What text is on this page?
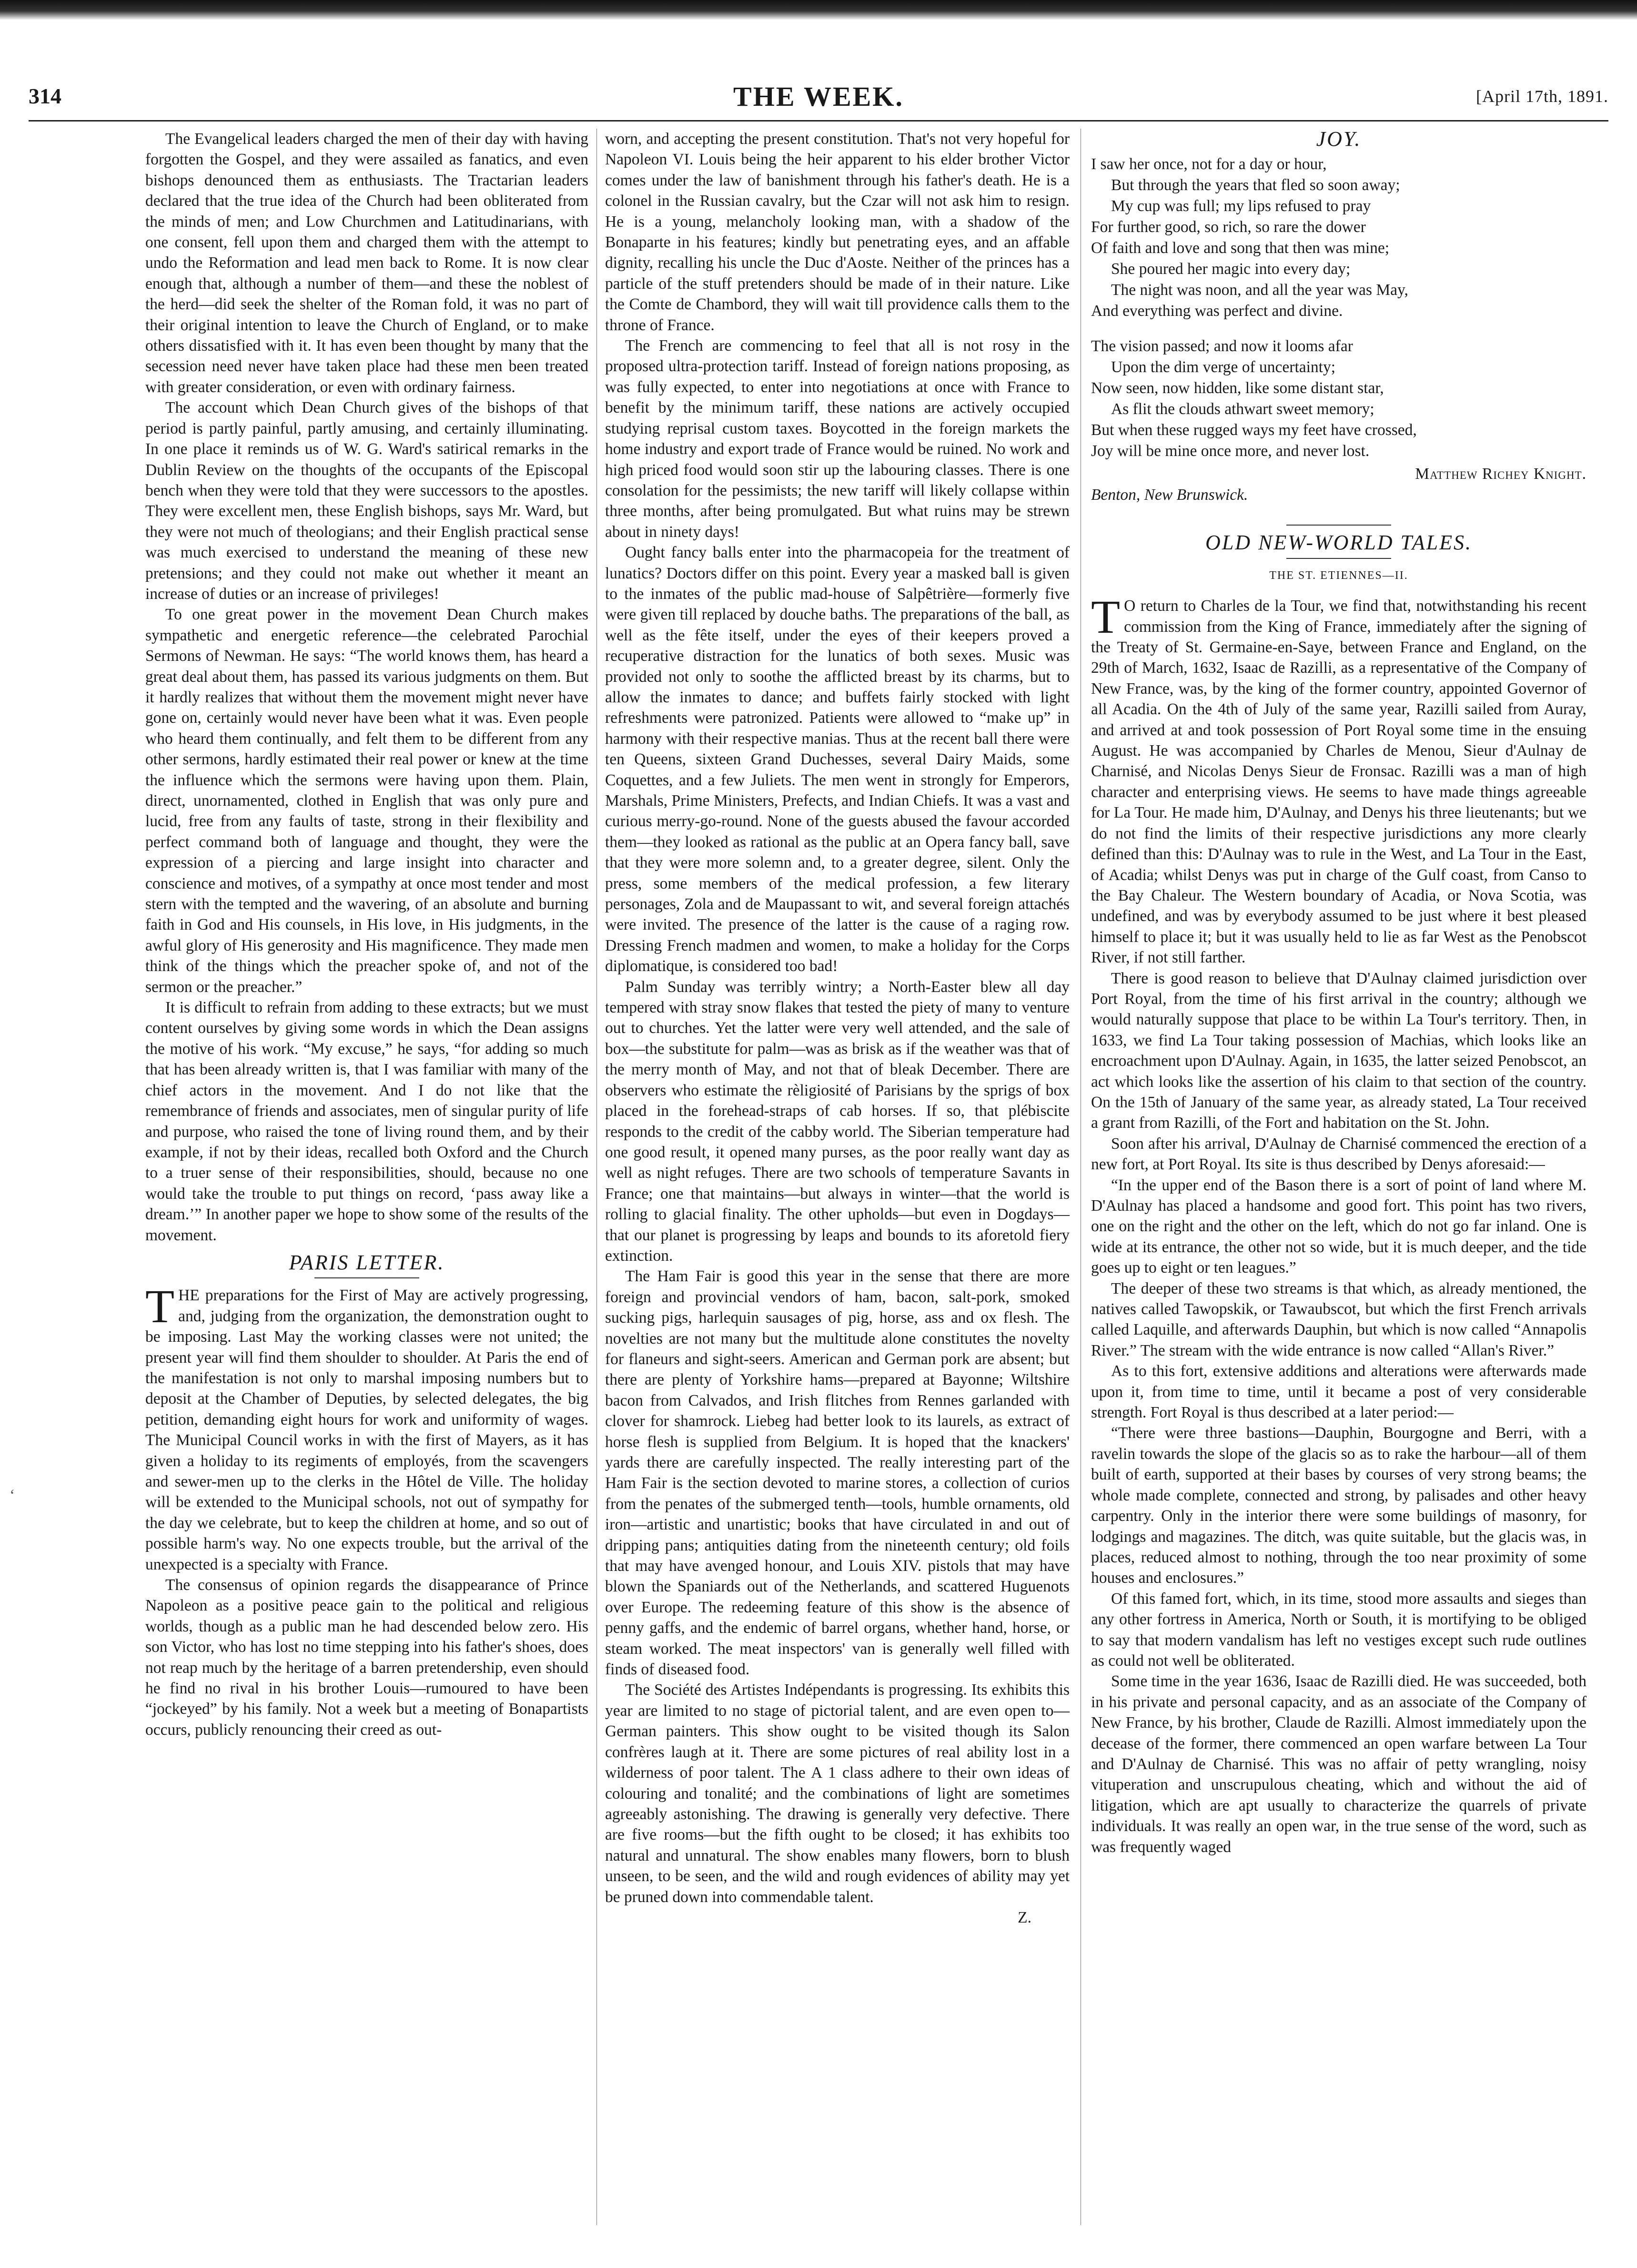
314	THE WEEK.	[April 17th, 1891.
‘

The Evangelical leaders charged the men of their day with having forgotten the Gospel, and they were assailed as fanatics, and even bishops denounced them as enthusiasts. The Tractarian leaders declared that the true idea of the Church had been obliterated from the minds of men; and Low Churchmen and Latitudinarians, with one consent, fell upon them and charged them with the attempt to undo the Reformation and lead men back to Rome. It is now clear enough that, although a number of them—and these the noblest of the herd—did seek the shelter of the Roman fold, it was no part of their original intention to leave the Church of England, or to make others dissatisfied with it. It has even been thought by many that the secession need never have taken place had these men been treated with greater consideration, or even with ordinary fairness.

The account which Dean Church gives of the bishops of that period is partly painful, partly amusing, and certainly illuminating. In one place it reminds us of W. G. Ward's satirical remarks in the Dublin Review on the thoughts of the occupants of the Episcopal bench when they were told that they were successors to the apostles. They were excellent men, these English bishops, says Mr. Ward, but they were not much of theologians; and their English practical sense was much exercised to understand the meaning of these new pretensions; and they could not make out whether it meant an increase of duties or an increase of privileges!

To one great power in the movement Dean Church makes sympathetic and energetic reference—the celebrated Parochial Sermons of Newman. He says: “The world knows them, has heard a great deal about them, has passed its various judgments on them. But it hardly realizes that without them the movement might never have gone on, certainly would never have been what it was. Even people who heard them continually, and felt them to be different from any other sermons, hardly estimated their real power or knew at the time the influence which the sermons were having upon them. Plain, direct, unornamented, clothed in English that was only pure and lucid, free from any faults of taste, strong in their flexibility and perfect command both of language and thought, they were the expression of a piercing and large insight into character and conscience and motives, of a sympathy at once most tender and most stern with the tempted and the wavering, of an absolute and burning faith in God and His counsels, in His love, in His judgments, in the awful glory of His generosity and His magnificence. They made men think of the things which the preacher spoke of, and not of the sermon or the preacher.”

It is difficult to refrain from adding to these extracts; but we must content ourselves by giving some words in which the Dean assigns the motive of his work. “My excuse,” he says, “for adding so much that has been already written is, that I was familiar with many of the chief actors in the movement. And I do not like that the remembrance of friends and associates, men of singular purity of life and purpose, who raised the tone of living round them, and by their example, if not by their ideas, recalled both Oxford and the Church to a truer sense of their responsibilities, should, because no one would take the trouble to put things on record, ‘pass away like a dream.’” In another paper we hope to show some of the results of the movement.

PARIS LETTER.

THE preparations for the First of May are actively progressing, and, judging from the organization, the demonstration ought to be imposing. Last May the working classes were not united; the present year will find them shoulder to shoulder. At Paris the end of the manifestation is not only to marshal imposing numbers but to deposit at the Chamber of Deputies, by selected delegates, the big petition, demanding eight hours for work and uniformity of wages. The Municipal Council works in with the first of Mayers, as it has given a holiday to its regiments of employés, from the scavengers and sewer-men up to the clerks in the Hôtel de Ville. The holiday will be extended to the Municipal schools, not out of sympathy for the day we celebrate, but to keep the children at home, and so out of possible harm's way. No one expects trouble, but the arrival of the unexpected is a specialty with France.

The consensus of opinion regards the disappearance of Prince Napoleon as a positive peace gain to the political and religious worlds, though as a public man he had descended below zero. His son Victor, who has lost no time stepping into his father's shoes, does not reap much by the heritage of a barren pretendership, even should he find no rival in his brother Louis—rumoured to have been “jockeyed” by his family. Not a week but a meeting of Bonapartists occurs, publicly renouncing their creed as out-

worn, and accepting the present constitution. That's not very hopeful for Napoleon VI. Louis being the heir apparent to his elder brother Victor comes under the law of banishment through his father's death. He is a colonel in the Russian cavalry, but the Czar will not ask him to resign. He is a young, melancholy looking man, with a shadow of the Bonaparte in his features; kindly but penetrating eyes, and an affable dignity, recalling his uncle the Duc d'Aoste. Neither of the princes has a particle of the stuff pretenders should be made of in their nature. Like the Comte de Chambord, they will wait till providence calls them to the throne of France.

The French are commencing to feel that all is not rosy in the proposed ultra-protection tariff. Instead of foreign nations proposing, as was fully expected, to enter into negotiations at once with France to benefit by the minimum tariff, these nations are actively occupied studying reprisal custom taxes. Boycotted in the foreign markets the home industry and export trade of France would be ruined. No work and high priced food would soon stir up the labouring classes. There is one consolation for the pessimists; the new tariff will likely collapse within three months, after being promulgated. But what ruins may be strewn about in ninety days!

Ought fancy balls enter into the pharmacopeia for the treatment of lunatics? Doctors differ on this point. Every year a masked ball is given to the inmates of the public mad-house of Salpêtrière—formerly five were given till replaced by douche baths. The preparations of the ball, as well as the fête itself, under the eyes of their keepers proved a recuperative distraction for the lunatics of both sexes. Music was provided not only to soothe the afflicted breast by its charms, but to allow the inmates to dance; and buffets fairly stocked with light refreshments were patronized. Patients were allowed to “make up” in harmony with their respective manias. Thus at the recent ball there were ten Queens, sixteen Grand Duchesses, several Dairy Maids, some Coquettes, and a few Juliets. The men went in strongly for Emperors, Marshals, Prime Ministers, Prefects, and Indian Chiefs. It was a vast and curious merry-go-round. None of the guests abused the favour accorded them—they looked as rational as the public at an Opera fancy ball, save that they were more solemn and, to a greater degree, silent. Only the press, some members of the medical profession, a few literary personages, Zola and de Maupassant to wit, and several foreign attachés were invited. The presence of the latter is the cause of a raging row. Dressing French madmen and women, to make a holiday for the Corps diplomatique, is considered too bad!

Palm Sunday was terribly wintry; a North-Easter blew all day tempered with stray snow flakes that tested the piety of many to venture out to churches. Yet the latter were very well attended, and the sale of box—the substitute for palm—was as brisk as if the weather was that of the merry month of May, and not that of bleak December. There are observers who estimate the rèligiosité of Parisians by the sprigs of box placed in the forehead-straps of cab horses. If so, that plébiscite responds to the credit of the cabby world. The Siberian temperature had one good result, it opened many purses, as the poor really want day as well as night refuges. There are two schools of temperature Savants in France; one that maintains—but always in winter—that the world is rolling to glacial finality. The other upholds—but even in Dogdays—that our planet is progressing by leaps and bounds to its aforetold fiery extinction.

The Ham Fair is good this year in the sense that there are more foreign and provincial vendors of ham, bacon, salt-pork, smoked sucking pigs, harlequin sausages of pig, horse, ass and ox flesh. The novelties are not many but the multitude alone constitutes the novelty for flaneurs and sight-seers. American and German pork are absent; but there are plenty of Yorkshire hams—prepared at Bayonne; Wiltshire bacon from Calvados, and Irish flitches from Rennes garlanded with clover for shamrock. Liebeg had better look to its laurels, as extract of horse flesh is supplied from Belgium. It is hoped that the knackers' yards there are carefully inspected. The really interesting part of the Ham Fair is the section devoted to marine stores, a collection of curios from the penates of the submerged tenth—tools, humble ornaments, old iron—artistic and unartistic; books that have circulated in and out of dripping pans; antiquities dating from the nineteenth century; old foils that may have avenged honour, and Louis XIV. pistols that may have blown the Spaniards out of the Netherlands, and scattered Huguenots over Europe. The redeeming feature of this show is the absence of penny gaffs, and the endemic of barrel organs, whether hand, horse, or steam worked. The meat inspectors' van is generally well filled with finds of diseased food.

The Société des Artistes Indépendants is progressing. Its exhibits this year are limited to no stage of pictorial talent, and are even open to—German painters. This show ought to be visited though its Salon confrères laugh at it. There are some pictures of real ability lost in a wilderness of poor talent. The A 1 class adhere to their own ideas of colouring and tonalité; and the combinations of light are sometimes agreeably astonishing. The drawing is generally very defective. There are five rooms—but the fifth ought to be closed; it has exhibits too natural and unnatural. The show enables many flowers, born to blush unseen, to be seen, and the wild and rough evidences of ability may yet be pruned down into commendable talent.

Z.
JOY.
I saw her once, not for a day or hour,
But through the years that fled so soon away;
My cup was full; my lips refused to pray
For further good, so rich, so rare the dower
Of faith and love and song that then was mine;
She poured her magic into every day;
The night was noon, and all the year was May,
And everything was perfect and divine.
The vision passed; and now it looms afar
Upon the dim verge of uncertainty;
Now seen, now hidden, like some distant star,
As flit the clouds athwart sweet memory;
But when these rugged ways my feet have crossed,
Joy will be mine once more, and never lost.
Matthew Richey Knight.
Benton, New Brunswick.
OLD NEW-WORLD TALES.
THE ST. ETIENNES—II.

T O return to Charles de la Tour, we find that, notwithstanding his recent commission from the King of France, immediately after the signing of the Treaty of St. Germaine-en-Saye, between France and England, on the 29th of March, 1632, Isaac de Razilli, as a representative of the Company of New France, was, by the king of the former country, appointed Governor of all Acadia. On the 4th of July of the same year, Razilli sailed from Auray, and arrived at and took possession of Port Royal some time in the ensuing August. He was accompanied by Charles de Menou, Sieur d'Aulnay de Charnisé, and Nicolas Denys Sieur de Fronsac. Razilli was a man of high character and enterprising views. He seems to have made things agreeable for La Tour. He made him, D'Aulnay, and Denys his three lieutenants; but we do not find the limits of their respective jurisdictions any more clearly defined than this: D'Aulnay was to rule in the West, and La Tour in the East, of Acadia; whilst Denys was put in charge of the Gulf coast, from Canso to the Bay Chaleur. The Western boundary of Acadia, or Nova Scotia, was undefined, and was by everybody assumed to be just where it best pleased himself to place it; but it was usually held to lie as far West as the Penobscot River, if not still farther.

There is good reason to believe that D'Aulnay claimed jurisdiction over Port Royal, from the time of his first arrival in the country; although we would naturally suppose that place to be within La Tour's territory. Then, in 1633, we find La Tour taking possession of Machias, which looks like an encroachment upon D'Aulnay. Again, in 1635, the latter seized Penobscot, an act which looks like the assertion of his claim to that section of the country. On the 15th of January of the same year, as already stated, La Tour received a grant from Razilli, of the Fort and habitation on the St. John.

Soon after his arrival, D'Aulnay de Charnisé commenced the erection of a new fort, at Port Royal. Its site is thus described by Denys aforesaid:—

“In the upper end of the Bason there is a sort of point of land where M. D'Aulnay has placed a handsome and good fort. This point has two rivers, one on the right and the other on the left, which do not go far inland. One is wide at its entrance, the other not so wide, but it is much deeper, and the tide goes up to eight or ten leagues.”

The deeper of these two streams is that which, as already mentioned, the natives called Tawopskik, or Tawaubscot, but which the first French arrivals called Laquille, and afterwards Dauphin, but which is now called “Annapolis River.” The stream with the wide entrance is now called “Allan's River.”

As to this fort, extensive additions and alterations were afterwards made upon it, from time to time, until it became a post of very considerable strength. Fort Royal is thus described at a later period:—

“There were three bastions—Dauphin, Bourgogne and Berri, with a ravelin towards the slope of the glacis so as to rake the harbour—all of them built of earth, supported at their bases by courses of very strong beams; the whole made complete, connected and strong, by palisades and other heavy carpentry. Only in the interior there were some buildings of masonry, for lodgings and magazines. The ditch, was quite suitable, but the glacis was, in places, reduced almost to nothing, through the too near proximity of some houses and enclosures.”

Of this famed fort, which, in its time, stood more assaults and sieges than any other fortress in America, North or South, it is mortifying to be obliged to say that modern vandalism has left no vestiges except such rude outlines as could not well be obliterated.

Some time in the year 1636, Isaac de Razilli died. He was succeeded, both in his private and personal capacity, and as an associate of the Company of New France, by his brother, Claude de Razilli. Almost immediately upon the decease of the former, there commenced an open warfare between La Tour and D'Aulnay de Charnisé. This was no affair of petty wrangling, noisy vituperation and unscrupulous cheating, which and without the aid of litigation, which are apt usually to characterize the quarrels of private individuals. It was really an open war, in the true sense of the word, such as was frequently waged
